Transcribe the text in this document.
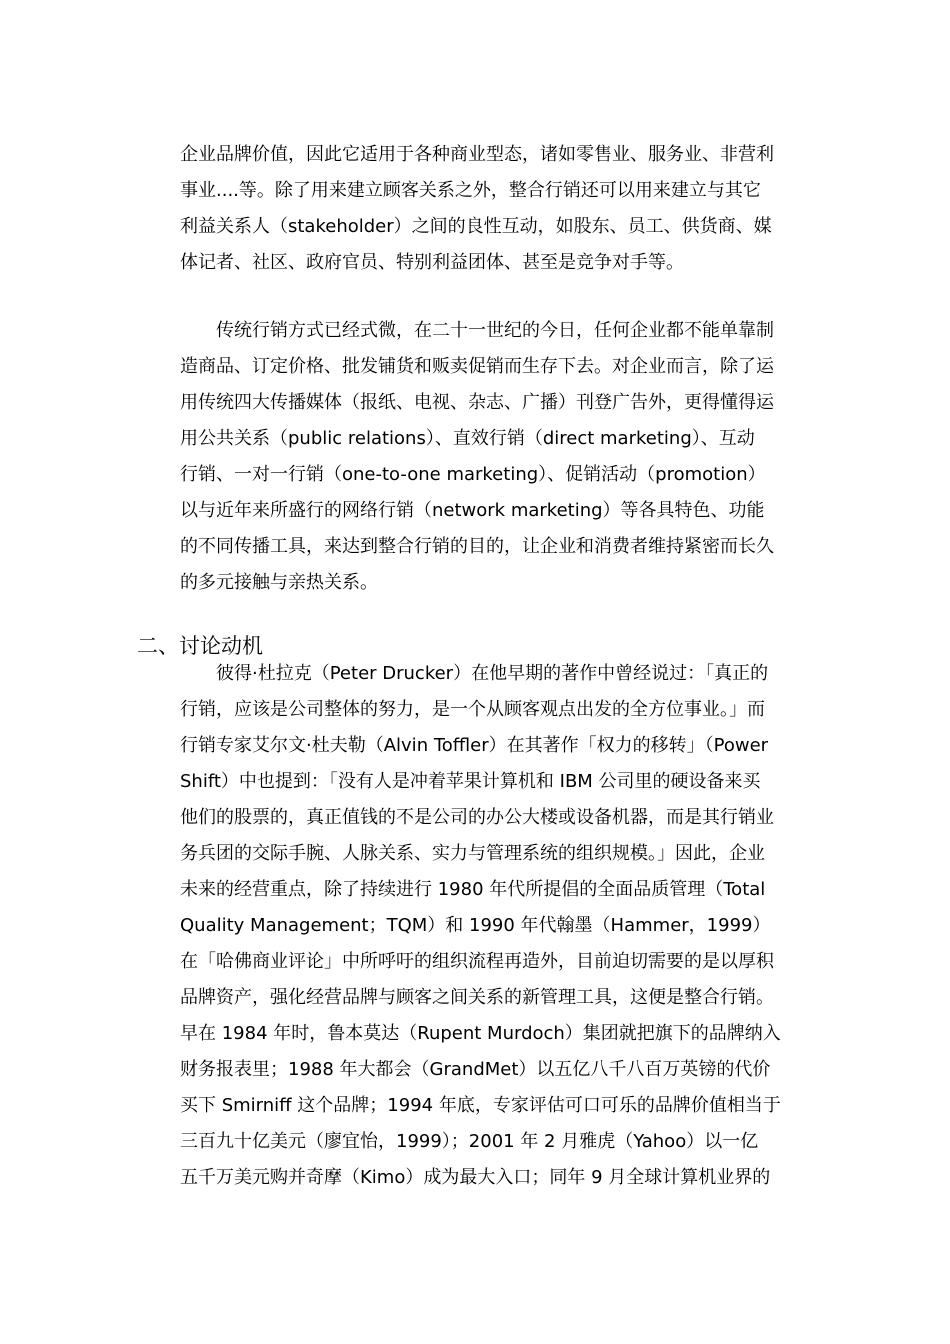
企业品牌价值，因此它适用于各种商业型态，诸如零售业、服务业、非营利
事业....等。除了用来建立顾客关系之外，整合行销还可以用来建立与其它
利益关系人（stakeholder）之间的良性互动，如股东、员工、供货商、媒
体记者、社区、政府官员、特别利益团体、甚至是竞争对手等。
　　传统行销方式已经式微，在二十一世纪的今日，任何企业都不能单靠制
造商品、订定价格、批发铺货和贩卖促销而生存下去。对企业而言，除了运
用传统四大传播媒体（报纸、电视、杂志、广播）刊登广告外，更得懂得运
用公共关系（public relations）、直效行销（direct marketing）、互动
行销、一对一行销（one-to-one marketing）、促销活动（promotion）
以与近年来所盛行的网络行销（network marketing）等各具特色、功能
的不同传播工具，来达到整合行销的目的，让企业和消费者维持紧密而长久
的多元接触与亲热关系。
二、讨论动机
　　彼得·杜拉克（Peter Drucker）在他早期的著作中曾经说过：「真正的
行销，应该是公司整体的努力，是一个从顾客观点出发的全方位事业。」而
行销专家艾尔文·杜夫勒（Alvin Toffler）在其著作「权力的移转」（Power
Shift）中也提到：「没有人是冲着苹果计算机和 IBM 公司里的硬设备来买
他们的股票的，真正值钱的不是公司的办公大楼或设备机器，而是其行销业
务兵团的交际手腕、人脉关系、实力与管理系统的组织规模。」因此，企业
未来的经营重点，除了持续进行 1980 年代所提倡的全面品质管理（Total
Quality Management；TQM）和 1990 年代翰墨（Hammer，1999）
在「哈佛商业评论」中所呼吁的组织流程再造外，目前迫切需要的是以厚积
品牌资产，强化经营品牌与顾客之间关系的新管理工具，这便是整合行销。
早在 1984 年时，鲁本莫达（Rupent Murdoch）集团就把旗下的品牌纳入
财务报表里；1988 年大都会（GrandMet）以五亿八千八百万英镑的代价
买下 Smirniff 这个品牌；1994 年底，专家评估可口可乐的品牌价值相当于
三百九十亿美元（廖宜怡，1999）；2001 年 2 月雅虎（Yahoo）以一亿
五千万美元购并奇摩（Kimo）成为最大入口；同年 9 月全球计算机业界的
